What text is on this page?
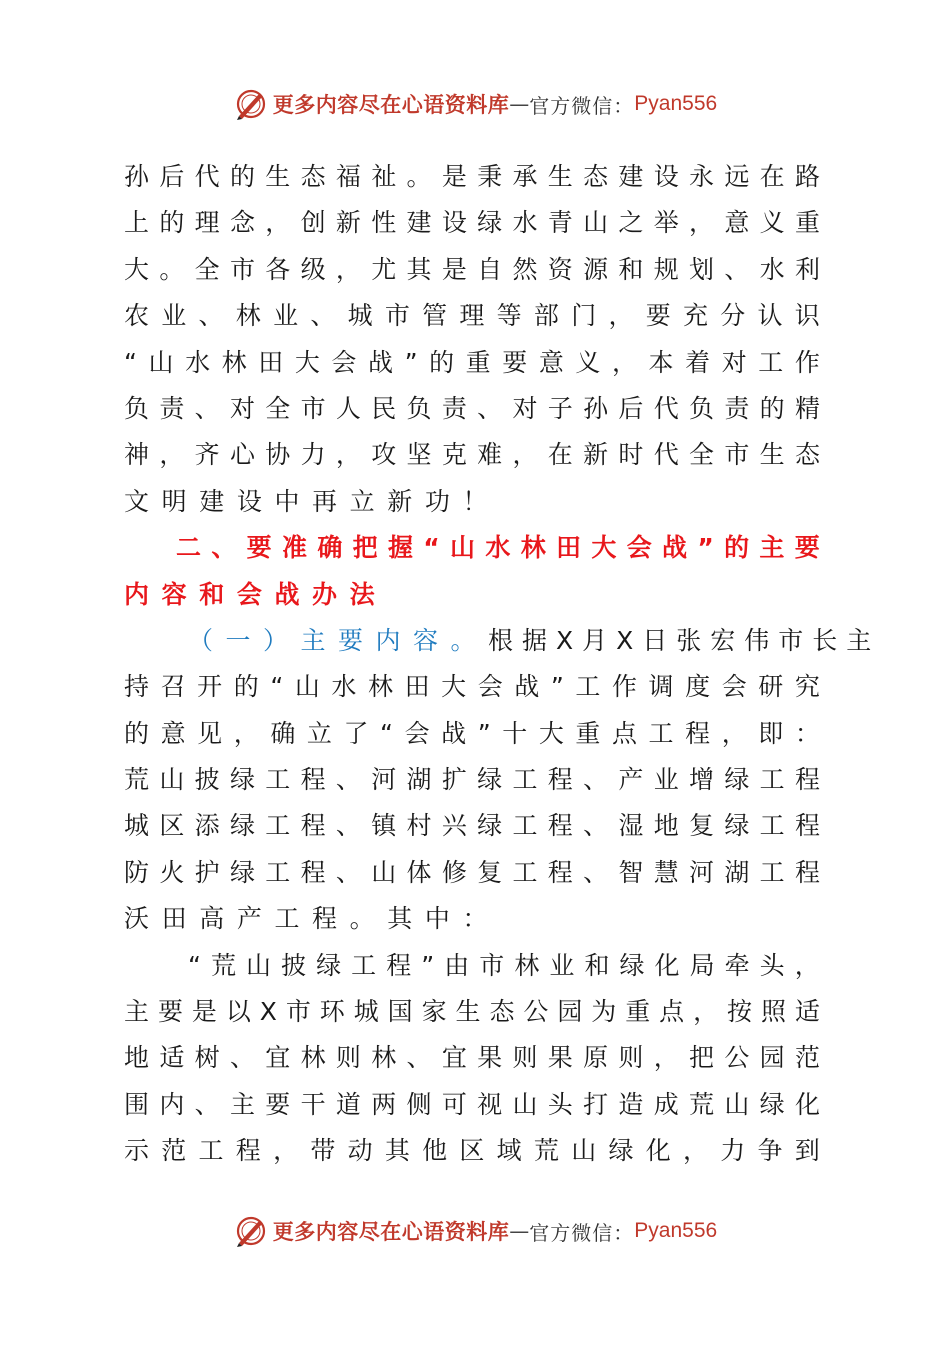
更多内容尽在心语资料库 — 官方微信： Pyan556
孙 后 代 的 生 态 福 祉 。 是 秉 承 生 态 建 设 永 远 在 路
上 的 理 念 ， 创 新 性 建 设 绿 水 青 山 之 举 ， 意 义 重
大 。 全 市 各 级 ， 尤 其 是 自 然 资 源 和 规 划 、 水 利
农 业 、 林 业 、 城 市 管 理 等 部 门 ， 要 充 分 认 识
“ 山 水 林 田 大 会 战 ” 的 重 要 意 义 ， 本 着 对 工 作
负 责 、 对 全 市 人 民 负 责 、 对 子 孙 后 代 负 责 的 精
神 ， 齐 心 协 力 ， 攻 坚 克 难 ， 在 新 时 代 全 市 生 态
文 明 建 设 中 再 立 新 功 ！
二 、 要 准 确 把 握 “ 山 水 林 田 大 会 战 ” 的 主 要
内 容 和 会 战 办 法
（一）主要内容。 根据X月X日张宏伟市长主
持 召 开 的 “ 山 水 林 田 大 会 战 ” 工 作 调 度 会 研 究
的 意 见 ， 确 立 了 “ 会 战 ” 十 大 重 点 工 程 ， 即 ：
荒 山 披 绿 工 程 、 河 湖 扩 绿 工 程 、 产 业 增 绿 工 程
城 区 添 绿 工 程 、 镇 村 兴 绿 工 程 、 湿 地 复 绿 工 程
防 火 护 绿 工 程 、 山 体 修 复 工 程 、 智 慧 河 湖 工 程
沃 田 高 产 工 程 。 其 中 ：
“ 荒 山 披 绿 工 程 ” 由 市 林 业 和 绿 化 局 牵 头 ，
主 要 是 以 X 市 环 城 国 家 生 态 公 园 为 重 点 ， 按 照 适
地 适 树 、 宜 林 则 林 、 宜 果 则 果 原 则 ， 把 公 园 范
围 内 、 主 要 干 道 两 侧 可 视 山 头 打 造 成 荒 山 绿 化
示 范 工 程 ， 带 动 其 他 区 域 荒 山 绿 化 ， 力 争 到
更多内容尽在心语资料库 — 官方微信： Pyan556
